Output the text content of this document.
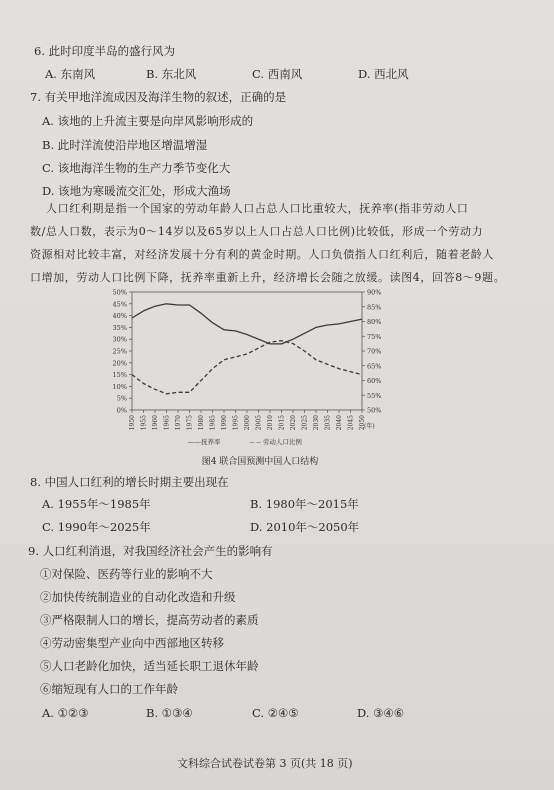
6. 此时印度半岛的盛行风为
A. 东南风	B. 东北风	C. 西南风	D. 西北风
7. 有关甲地洋流成因及海洋生物的叙述，正确的是
A. 该地的上升流主要是向岸风影响形成的
B. 此时洋流使沿岸地区增温增湿
C. 该地海洋生物的生产力季节变化大
D. 该地为寒暖流交汇处，形成大渔场
人口红利期是指一个国家的劳动年龄人口占总人口比重较大，抚养率(指非劳动人口
数/总人口数，表示为0～14岁以及65岁以上人口占总人口比例)比较低，形成一个劳动力
资源相对比较丰富，对经济发展十分有利的黄金时期。人口负债指人口红利后，随着老龄人
口增加，劳动人口比例下降，抚养率重新上升，经济增长会随之放缓。读图4，回答8～9题。
0%
5%
10%
15%
20%
25%
30%
35%
40%
45%
50%
50%
55%
60%
65%
70%
75%
80%
85%
90%
1950 1955 1960 1965 1970 1975 1980 1985 1990 1995 2000 2005 2010 2015 2020 2025 2030 2035 2040 2045 2050
(年)
——抚养率	-- -- 劳动人口比例
图4 联合国预测中国人口结构
8. 中国人口红利的增长时期主要出现在
A. 1955年～1985年	B. 1980年～2015年
C. 1990年～2025年	D. 2010年～2050年
9. 人口红利消退，对我国经济社会产生的影响有
①对保险、医药等行业的影响不大
②加快传统制造业的自动化改造和升级
③严格限制人口的增长，提高劳动者的素质
④劳动密集型产业向中西部地区转移
⑤人口老龄化加快，适当延长职工退休年龄
⑥缩短现有人口的工作年龄
A. ①②③	B. ①③④	C. ②④⑤	D. ③④⑥
文科综合试卷试卷第 3 页(共 18 页)
